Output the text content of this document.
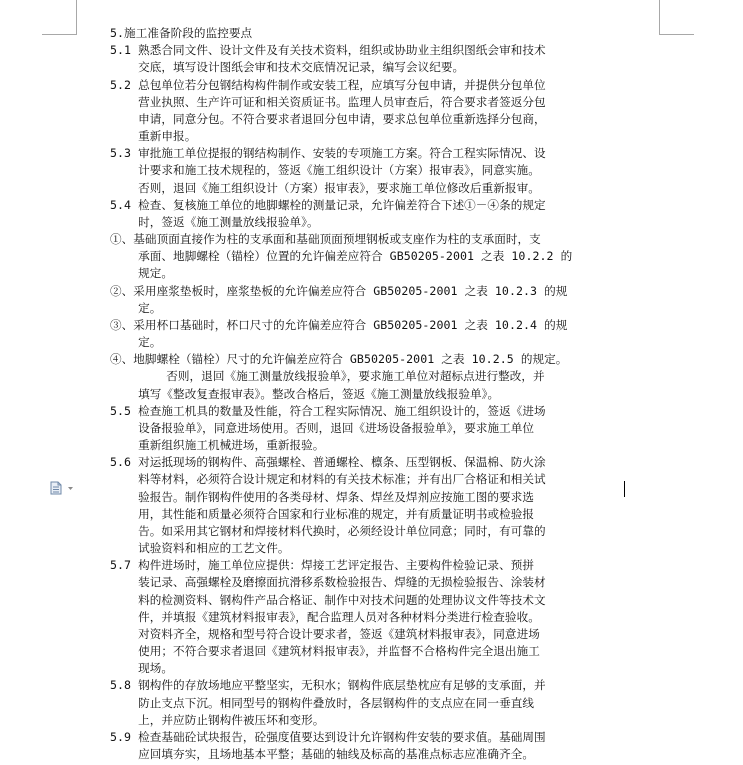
5.施工准备阶段的监控要点
5.1 熟悉合同文件、设计文件及有关技术资料，组织或协助业主组织图纸会审和技术
交底，填写设计图纸会审和技术交底情况记录，编写会议纪要。
5.2 总包单位若分包钢结构构件制作或安装工程，应填写分包申请，并提供分包单位
营业执照、生产许可证和相关资质证书。监理人员审查后，符合要求者签返分包
申请，同意分包。不符合要求者退回分包申请，要求总包单位重新选择分包商，
重新申报。
5.3 审批施工单位提报的钢结构制作、安装的专项施工方案。符合工程实际情况、设
计要求和施工技术规程的，签返《施工组织设计（方案）报审表》，同意实施。
否则，退回《施工组织设计（方案）报审表》，要求施工单位修改后重新报审。
5.4 检查、复核施工单位的地脚螺栓的测量记录，允许偏差符合下述①－④条的规定
时，签返《施工测量放线报验单》。
①、基础顶面直接作为柱的支承面和基础顶面预埋钢板或支座作为柱的支承面时，支
承面、地脚螺栓（锚栓）位置的允许偏差应符合 GB50205-2001 之表 10.2.2 的
规定。
②、采用座浆垫板时，座浆垫板的允许偏差应符合 GB50205-2001 之表 10.2.3 的规
定。
③、采用杯口基础时，杯口尺寸的允许偏差应符合 GB50205-2001 之表 10.2.4 的规
定。
④、地脚螺栓（锚栓）尺寸的允许偏差应符合 GB50205-2001 之表 10.2.5 的规定。
否则，退回《施工测量放线报验单》，要求施工单位对超标点进行整改，并
填写《整改复查报审表》。整改合格后，签返《施工测量放线报验单》。
5.5 检查施工机具的数量及性能，符合工程实际情况、施工组织设计的，签返《进场
设备报验单》，同意进场使用。否则，退回《进场设备报验单》，要求施工单位
重新组织施工机械进场，重新报验。
5.6 对运抵现场的钢构件、高强螺栓、普通螺栓、檩条、压型钢板、保温棉、防火涂
料等材料，必须符合设计规定和材料的有关技术标准；并有出厂合格证和相关试
验报告。制作钢构件使用的各类母材、焊条、焊丝及焊剂应按施工图的要求选
用，其性能和质量必须符合国家和行业标准的规定，并有质量证明书或检验报
告。如采用其它钢材和焊接材料代换时，必须经设计单位同意；同时，有可靠的
试验资料和相应的工艺文件。
5.7 构件进场时，施工单位应提供：焊接工艺评定报告、主要构件检验记录、预拼
装记录、高强螺栓及磨擦面抗滑移系数检验报告、焊缝的无损检验报告、涂装材
料的检测资料、钢构件产品合格证、制作中对技术问题的处理协议文件等技术文
件，并填报《建筑材料报审表》，配合监理人员对各种材料分类进行检查验收。
对资料齐全，规格和型号符合设计要求者，签返《建筑材料报审表》，同意进场
使用；不符合要求者退回《建筑材料报审表》，并监督不合格构件完全退出施工
现场。
5.8 钢构件的存放场地应平整坚实，无积水；钢构件底层垫枕应有足够的支承面，并
防止支点下沉。相同型号的钢构件叠放时，各层钢构件的支点应在同一垂直线
上，并应防止钢构件被压坏和变形。
5.9 检查基础砼试块报告，砼强度值要达到设计允许钢构件安装的要求值。基础周围
应回填夯实，且场地基本平整；基础的轴线及标高的基准点标志应准确齐全。
